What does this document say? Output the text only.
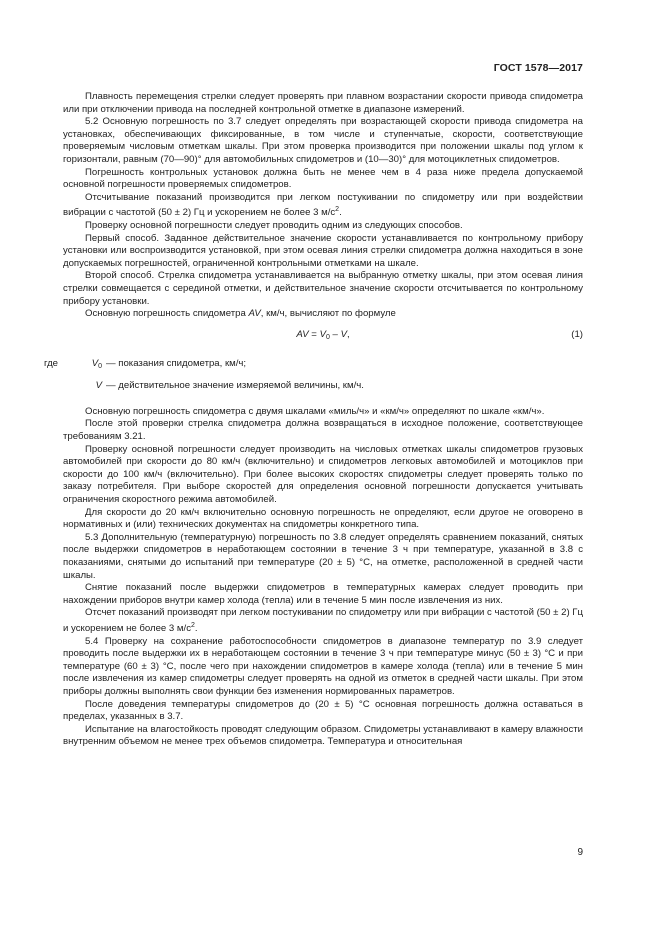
ГОСТ 1578—2017

Плавность перемещения стрелки следует проверять при плавном возрастании скорости привода спидометра или при отключении привода на последней контрольной отметке в диапазоне измерений.

5.2 Основную погрешность по 3.7 следует определять при возрастающей скорости привода спидометра на установках, обеспечивающих фиксированные, в том числе и ступенчатые, скорости, соответствующие проверяемым числовым отметкам шкалы. При этом проверка производится при положении шкалы под углом к горизонтали, равным (70—90)° для автомобильных спидометров и (10—30)° для мотоциклетных спидометров.

Погрешность контрольных установок должна быть не менее чем в 4 раза ниже предела допускаемой основной погрешности проверяемых спидометров.

Отсчитывание показаний производится при легком постукивании по спидометру или при воздействии вибрации с частотой (50 ± 2) Гц и ускорением не более 3 $м/с^2$.

Проверку основной погрешности следует проводить одним из следующих способов.

Первый способ. Заданное действительное значение скорости устанавливается по контрольному прибору установки или воспроизводится установкой, при этом осевая линия стрелки спидометра должна находиться в зоне допускаемых погрешностей, ограниченной контрольными отметками на шкале.

Второй способ. Стрелка спидометра устанавливается на выбранную отметку шкалы, при этом осевая линия стрелки совмещается с серединой отметки, и действительное значение скорости отсчитывается по контрольному прибору установки.

Основную погрешность спидометра AV, км/ч, вычисляют по формуле

AV = $V_0$ – V,	(1)
где	$V_0$ — показания спидометра, км/ч;
V — действительное значение измеряемой величины, км/ч.

Основную погрешность спидометра с двумя шкалами «миль/ч» и «км/ч» определяют по шкале «км/ч».

После этой проверки стрелка спидометра должна возвращаться в исходное положение, соответствующее требованиям 3.21.

Проверку основной погрешности следует производить на числовых отметках шкалы спидометров грузовых автомобилей при скорости до 80 км/ч (включительно) и спидометров легковых автомобилей и мотоциклов при скорости до 100 км/ч (включительно). При более высоких скоростях спидометры следует проверять только по заказу потребителя. При выборе скоростей для определения основной погрешности допускается учитывать ограничения скоростного режима автомобилей.

Для скорости до 20 км/ч включительно основную погрешность не определяют, если другое не оговорено в нормативных и (или) технических документах на спидометры конкретного типа.

5.3 Дополнительную (температурную) погрешность по 3.8 следует определять сравнением показаний, снятых после выдержки спидометров в неработающем состоянии в течение 3 ч при температуре, указанной в 3.8 с показаниями, снятыми до испытаний при температуре (20 ± 5) °С, на отметке, расположенной в средней части шкалы.

Снятие показаний после выдержки спидометров в температурных камерах следует проводить при нахождении приборов внутри камер холода (тепла) или в течение 5 мин после извлечения из них.

Отсчет показаний производят при легком постукивании по спидометру или при вибрации с частотой (50 ± 2) Гц и ускорением не более 3 $м/с^2$.

5.4 Проверку на сохранение работоспособности спидометров в диапазоне температур по 3.9 следует проводить после выдержки их в неработающем состоянии в течение 3 ч при температуре минус (50 ± 3) °С и при температуре (60 ± 3) °С, после чего при нахождении спидометров в камере холода (тепла) или в течение 5 мин после извлечения из камер спидометры следует проверять на одной из отметок в средней части шкалы. При этом приборы должны выполнять свои функции без изменения нормированных параметров.

После доведения температуры спидометров до (20 ± 5) °С основная погрешность должна оставаться в пределах, указанных в 3.7.

Испытание на влагостойкость проводят следующим образом. Спидометры устанавливают в камеру влажности внутренним объемом не менее трех объемов спидометра. Температура и относительная

9
